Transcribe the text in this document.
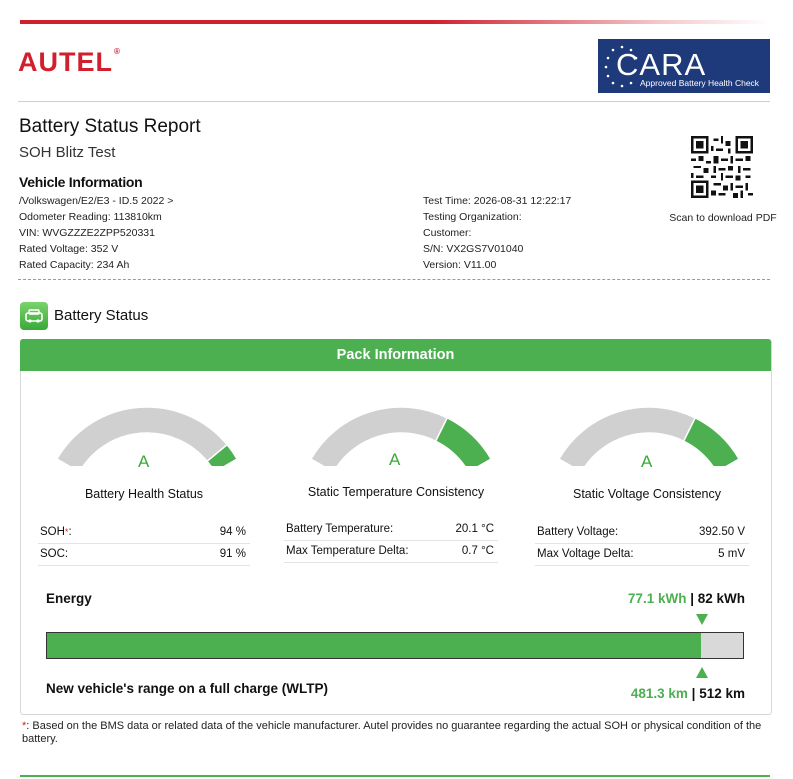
AUTEL®	CARA
Approved Battery Health Check
Battery Status Report
SOH Blitz Test
Vehicle Information
/Volkswagen/E2/E3 - ID.5 2022 >
Odometer Reading: 113810km
VIN: WVGZZZE2ZPP520331
Rated Voltage: 352 V
Rated Capacity: 234 Ah
Test Time: 2026-08-31 12:22:17
Testing Organization:
Customer:
S/N: VX2GS7V01040
Version: V11.00
Scan to download PDF
Battery Status
Pack Information
A	A	A
Battery Health Status	Static Temperature Consistency	Static Voltage Consistency
SOH*:	94 %
SOC:	91 %
Battery Temperature:	20.1 °C
Max Temperature Delta:	0.7 °C
Battery Voltage:	392.50 V
Max Voltage Delta:	5 mV
Energy	77.1 kWh | 82 kWh
New vehicle's range on a full charge (WLTP)	481.3 km | 512 km
*: Based on the BMS data or related data of the vehicle manufacturer. Autel provides no guarantee regarding the actual SOH or physical condition of the battery.
